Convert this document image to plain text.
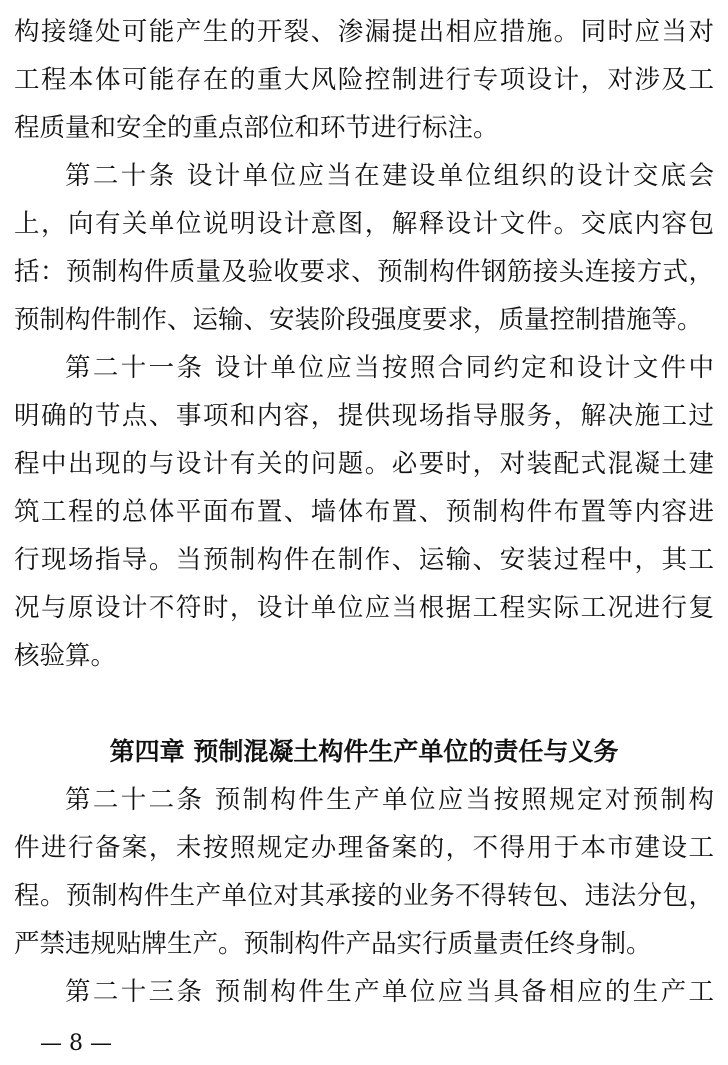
构接缝处可能产生的开裂、渗漏提出相应措施。同时应当对
工程本体可能存在的重大风险控制进行专项设计，对涉及工
程质量和安全的重点部位和环节进行标注。
第二十条 设计单位应当在建设单位组织的设计交底会
上，向有关单位说明设计意图，解释设计文件。交底内容包
括：预制构件质量及验收要求、预制构件钢筋接头连接方式，
预制构件制作、运输、安装阶段强度要求，质量控制措施等。
第二十一条 设计单位应当按照合同约定和设计文件中
明确的节点、事项和内容，提供现场指导服务，解决施工过
程中出现的与设计有关的问题。必要时，对装配式混凝土建
筑工程的总体平面布置、墙体布置、预制构件布置等内容进
行现场指导。当预制构件在制作、运输、安装过程中，其工
况与原设计不符时，设计单位应当根据工程实际工况进行复
核验算。
第四章 预制混凝土构件生产单位的责任与义务
第二十二条 预制构件生产单位应当按照规定对预制构
件进行备案，未按照规定办理备案的，不得用于本市建设工
程。预制构件生产单位对其承接的业务不得转包、违法分包，
严禁违规贴牌生产。预制构件产品实行质量责任终身制。
第二十三条 预制构件生产单位应当具备相应的生产工
— 8 —
